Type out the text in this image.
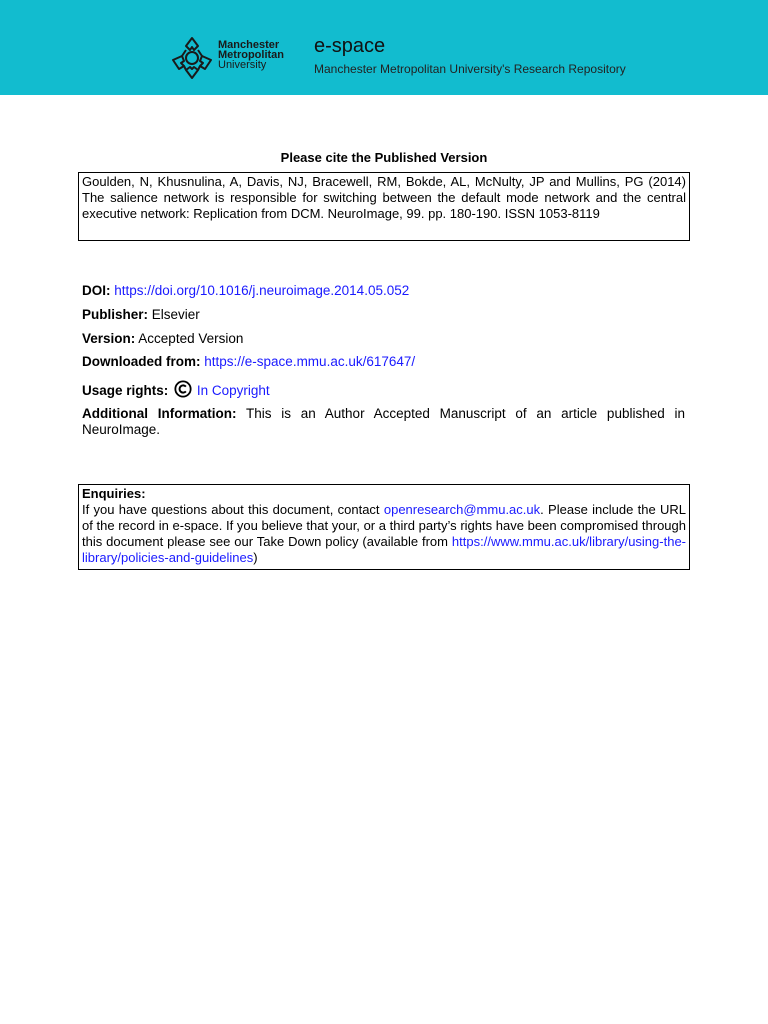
Manchester
Metropolitan
University
e-space
Manchester Metropolitan University's Research Repository
Please cite the Published Version
Goulden, N, Khusnulina, A, Davis, NJ, Bracewell, RM, Bokde, AL, McNulty, JP and Mullins, PG (2014) The salience network is responsible for switching between the default mode network and the central executive network: Replication from DCM. NeuroImage, 99. pp. 180-190. ISSN 1053-8119
DOI: https://doi.org/10.1016/j.neuroimage.2014.05.052
Publisher: Elsevier
Version: Accepted Version
Downloaded from: https://e-space.mmu.ac.uk/617647/
Usage rights: In Copyright
Additional Information: This is an Author Accepted Manuscript of an article published in NeuroImage.
Enquiries:
If you have questions about this document, contact openresearch@mmu.ac.uk. Please include the URL of the record in e-space. If you believe that your, or a third party’s rights have been compromised through this document please see our Take Down policy (available from https://www.mmu.ac.uk/library/using-the-library/policies-and-guidelines)
